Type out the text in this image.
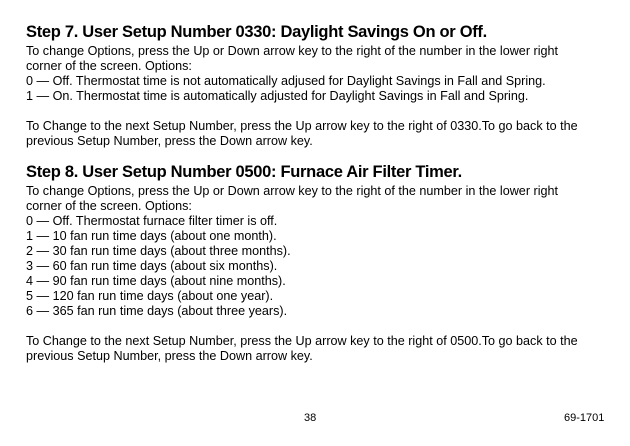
Step 7. User Setup Number 0330: Daylight Savings On or Off.

To change Options, press the Up or Down arrow key to the right of the number in the lower right

corner of the screen. Options:

0 — Off. Thermostat time is not automatically adjused for Daylight Savings in Fall and Spring.

1 — On. Thermostat time is automatically adjusted for Daylight Savings in Fall and Spring.

To Change to the next Setup Number, press the Up arrow key to the right of 0330.To go back to the

previous Setup Number, press the Down arrow key.

Step 8. User Setup Number 0500: Furnace Air Filter Timer.

To change Options, press the Up or Down arrow key to the right of the number in the lower right

corner of the screen. Options:

0 — Off. Thermostat furnace filter timer is off.

1 — 10 fan run time days (about one month).

2 — 30 fan run time days (about three months).

3 — 60 fan run time days (about six months).

4 — 90 fan run time days (about nine months).

5 — 120 fan run time days (about one year).

6 — 365 fan run time days (about three years).

To Change to the next Setup Number, press the Up arrow key to the right of 0500.To go back to the

previous Setup Number, press the Down arrow key.

38	69-1701
